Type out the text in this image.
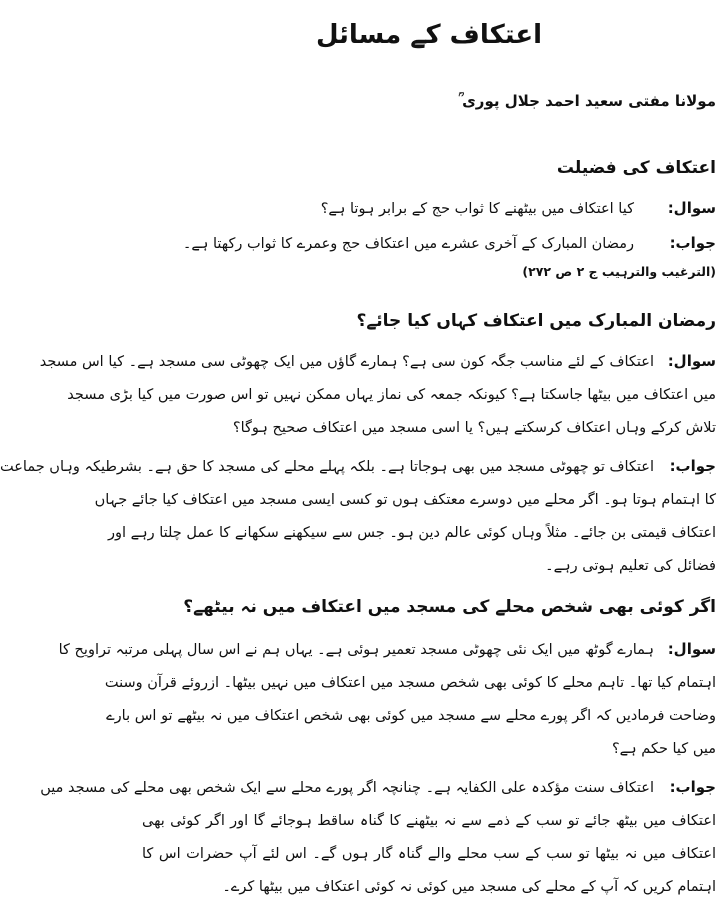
اعتکاف کے مسائل
مولانا مفتی سعید احمد جلال پوری ؒ
اعتکاف کی فضیلت
سوال:
کیا اعتکاف میں بیٹھنے کا ثواب حج کے برابر ہوتا ہے؟
جواب:
رمضان المبارک کے آخری عشرے میں اعتکاف حج وعمرے کا ثواب رکھتا ہے۔
(الترغیب والترہیب ج ۲ ص ۲۷۲)
رمضان المبارک میں اعتکاف کہاں کیا جائے؟
سوال:
اعتکاف کے لئے مناسب جگہ کون سی ہے؟ ہمارے گاؤں میں ایک چھوٹی سی مسجد ہے۔ کیا اس مسجد
میں اعتکاف میں بیٹھا جاسکتا ہے؟ کیونکہ جمعہ کی نماز یہاں ممکن نہیں تو اس صورت میں کیا بڑی مسجد
تلاش کرکے وہاں اعتکاف کرسکتے ہیں؟ یا اسی مسجد میں اعتکاف صحیح ہوگا؟
جواب:
اعتکاف تو چھوٹی مسجد میں بھی ہوجاتا ہے۔ بلکہ پہلے محلے کی مسجد کا حق ہے۔ بشرطیکہ وہاں جماعت
کا اہتمام ہوتا ہو۔ اگر محلے میں دوسرے معتکف ہوں تو کسی ایسی مسجد میں اعتکاف کیا جائے جہاں
اعتکاف قیمتی بن جائے۔ مثلاً وہاں کوئی عالم دین ہو۔ جس سے سیکھنے سکھانے کا عمل چلتا رہے اور
فضائل کی تعلیم ہوتی رہے۔
اگر کوئی بھی شخص محلے کی مسجد میں اعتکاف میں نہ بیٹھے؟
سوال:
ہمارے گوٹھ میں ایک نئی چھوٹی مسجد تعمیر ہوئی ہے۔ یہاں ہم نے اس سال پہلی مرتبہ تراویح کا
اہتمام کیا تھا۔ تاہم محلے کا کوئی بھی شخص مسجد میں اعتکاف میں نہیں بیٹھا۔ ازروئے قرآن وسنت
وضاحت فرمادیں کہ اگر پورے محلے سے مسجد میں کوئی بھی شخص اعتکاف میں نہ بیٹھے تو اس بارے
میں کیا حکم ہے؟
جواب:
اعتکاف سنت مؤکدہ علی الکفایہ ہے۔ چنانچہ اگر پورے محلے سے ایک شخص بھی محلے کی مسجد میں
اعتکاف میں بیٹھ جائے تو سب کے ذمے سے نہ بیٹھنے کا گناہ ساقط ہوجائے گا اور اگر کوئی بھی
اعتکاف میں نہ بیٹھا تو سب کے سب محلے والے گناہ گار ہوں گے۔ اس لئے آپ حضرات اس کا
اہتمام کریں کہ آپ کے محلے کی مسجد میں کوئی نہ کوئی اعتکاف میں بیٹھا کرے۔
